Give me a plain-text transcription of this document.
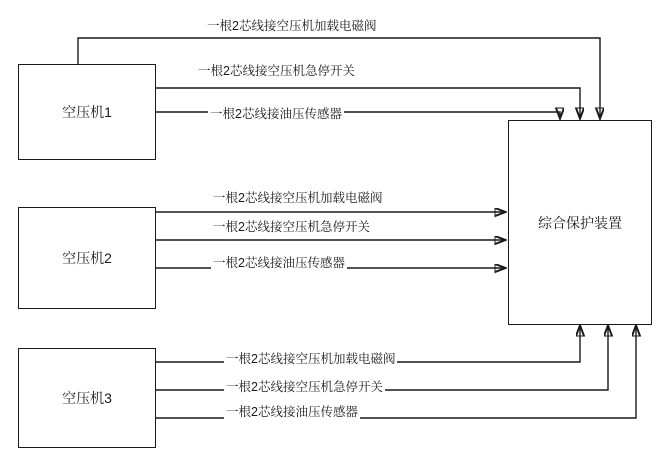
空压机1
空压机2
空压机3
综合保护装置
一根2芯线接空压机加载电磁阀
一根2芯线接空压机急停开关
一根2芯线接油压传感器
一根2芯线接空压机加载电磁阀
一根2芯线接空压机急停开关
一根2芯线接油压传感器
一根2芯线接空压机加载电磁阀
一根2芯线接空压机急停开关
一根2芯线接油压传感器
